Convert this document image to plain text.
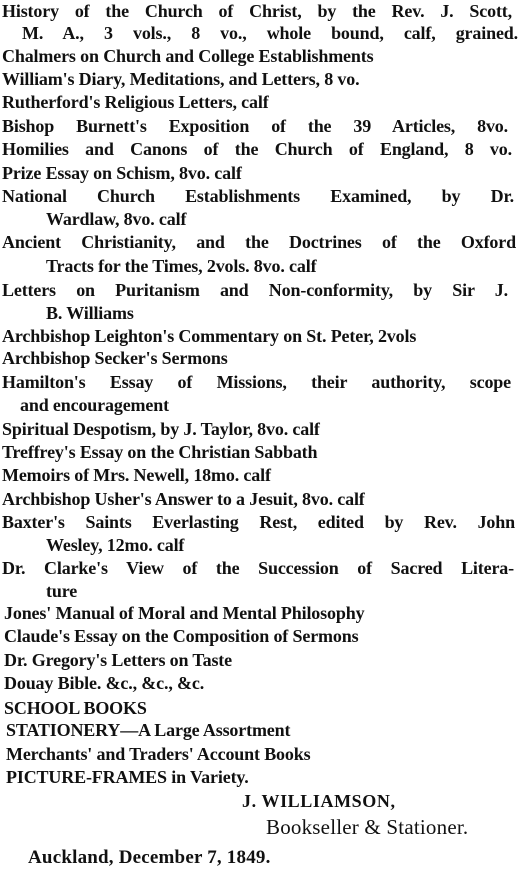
History of the Church of Christ, by the Rev. J. Scott,
M. A., 3 vols., 8 vo., whole bound, calf, grained.
Chalmers on Church and College Establishments
William's Diary, Meditations, and Letters, 8 vo.
Rutherford's Religious Letters, calf
Bishop Burnett's Exposition of the 39 Articles, 8vo.
Homilies and Canons of the Church of England, 8 vo.
Prize Essay on Schism, 8vo. calf
National Church Establishments Examined, by Dr.
Wardlaw, 8vo. calf
Ancient Christianity, and the Doctrines of the Oxford
Tracts for the Times, 2vols. 8vo. calf
Letters on Puritanism and Non-conformity, by Sir J.
B. Williams
Archbishop Leighton's Commentary on St. Peter, 2vols
Archbishop Secker's Sermons
Hamilton's Essay of Missions, their authority, scope
and encouragement
Spiritual Despotism, by J. Taylor, 8vo. calf
Treffrey's Essay on the Christian Sabbath
Memoirs of Mrs. Newell, 18mo. calf
Archbishop Usher's Answer to a Jesuit, 8vo. calf
Baxter's Saints Everlasting Rest, edited by Rev. John
Wesley, 12mo. calf
Dr. Clarke's View of the Succession of Sacred Litera-
ture
Jones' Manual of Moral and Mental Philosophy
Claude's Essay on the Composition of Sermons
Dr. Gregory's Letters on Taste
Douay Bible. &c., &c., &c.
SCHOOL BOOKS
STATIONERY—A Large Assortment
Merchants' and Traders' Account Books
PICTURE-FRAMES in Variety.
J. WILLIAMSON,
Bookseller & Stationer.
Auckland, December 7, 1849.
